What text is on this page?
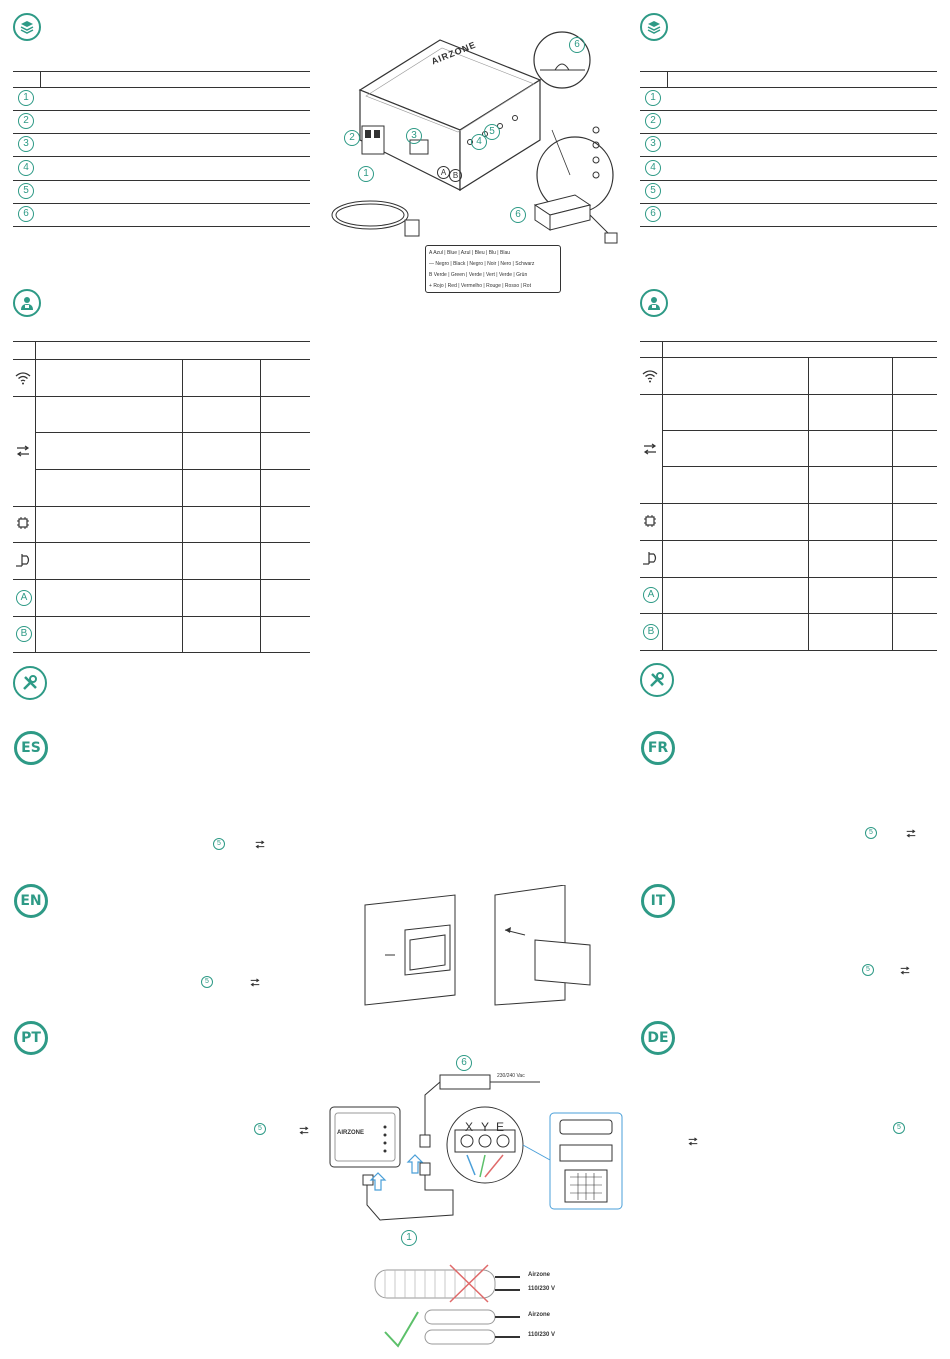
1
2
3
4
5
6
A
B
ES
EN
PT
5
5
5
1
2
3
4
5
6
A
B
FR
IT
DE
5
5
5
AIRZONE
1
2	3
4
5
6
6
A B
A Azul | Blue | Azul | Bleu | Blu | Blau
— Negro | Black | Negro | Noir | Nero | Schwarz
B Verde | Green | Verde | Vert | Verde | Grün
+ Rojo | Red | Vermelho | Rouge | Rosso | Rot
6
1
230/240 Vac
AIRZONE	X Y E
Airzone
110/230 V
Airzone
110/230 V
